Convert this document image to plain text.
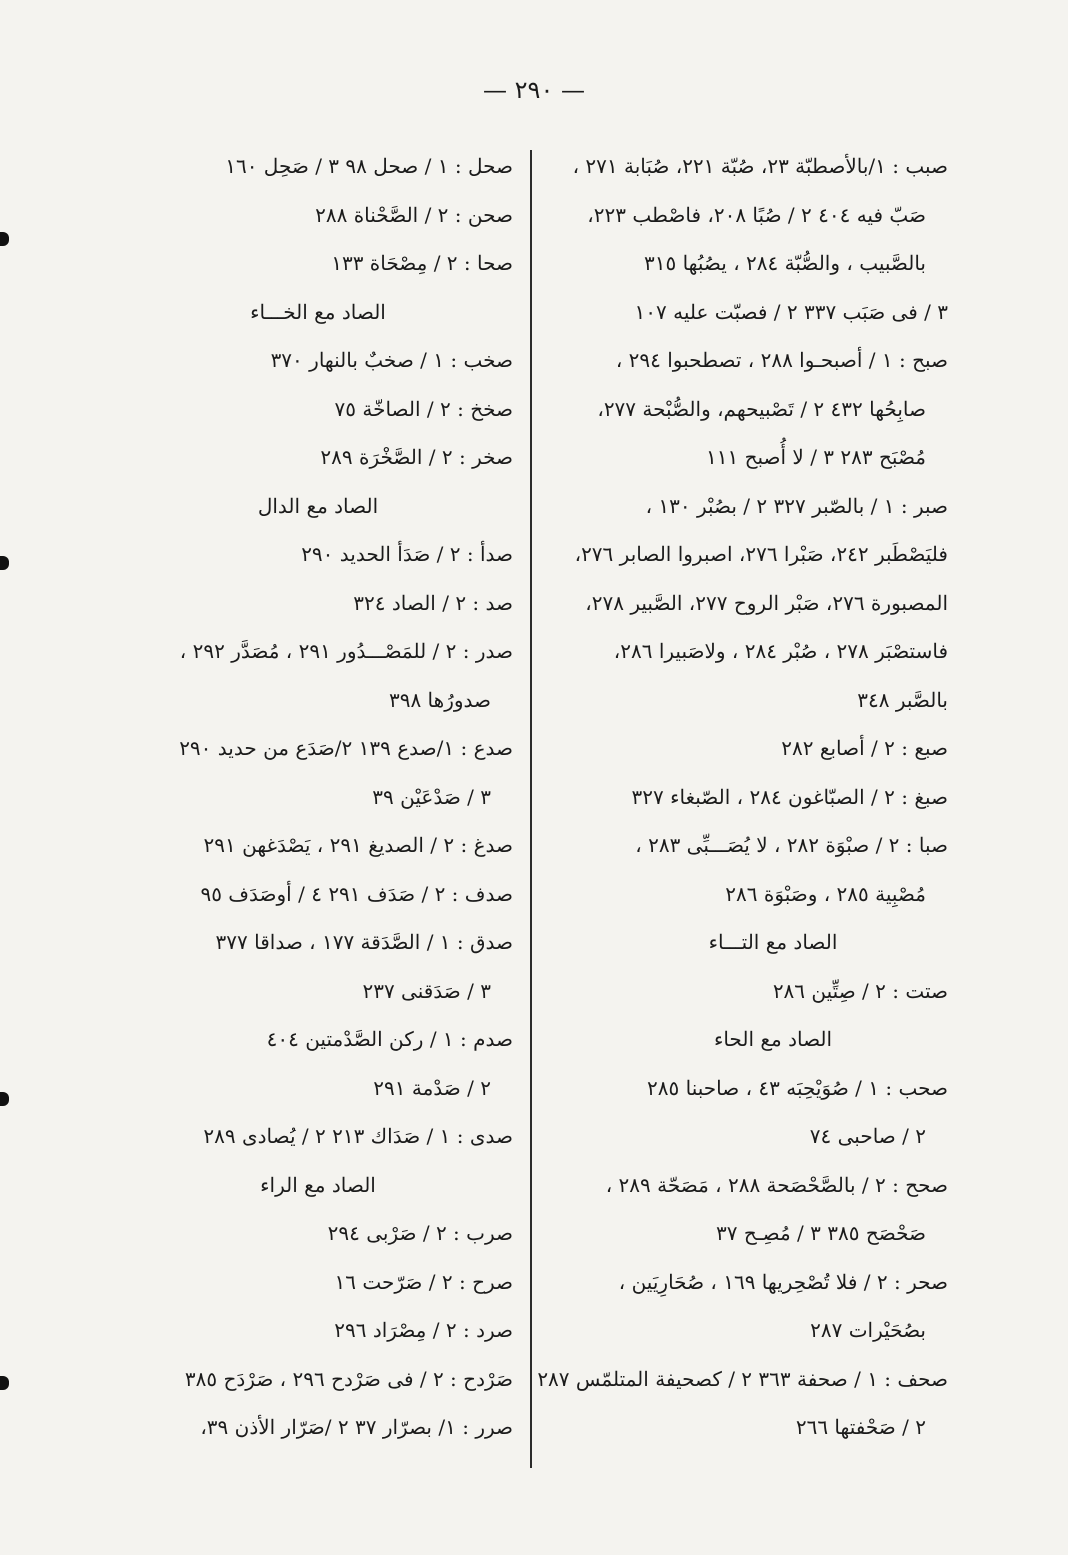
— ٢٩٠ —
صبب : ١/بالأصطبّة ٢٣، صُبّة ٢٢١، صُبَابة ٢٧١ ،
صَبّ فيه ٤٠٤ ٢ / صُبًا ٢٠٨، فاصْطب ٢٢٣،
بالصَّبيب ، والصُّبّة ٢٨٤ ، يصُبُها ٣١٥
٣ / فى صَبَب ٣٣٧ ٢ / فصبّت عليه ١٠٧
صبح : ١ / أصبحـوا ٢٨٨ ، تصطحبوا ٢٩٤ ،
صابِحُها ٤٣٢ ٢ / تَصْبيحهم، والصُّبْحة ٢٧٧،
مُصْبَح ٢٨٣ ٣ / لا أُصبح ١١١
صبر : ١ / بالصّبر ٣٢٧ ٢ / بصُبْر ١٣٠ ،
فليَصْطَبر ٢٤٢، صَبْرا ٢٧٦، اصبروا الصابر ٢٧٦،
المصبورة ٢٧٦، صَبْر الروح ٢٧٧، الصَّبير ٢٧٨،
فاستصْبَر ٢٧٨ ، صُبْر ٢٨٤ ، ولاصَبيرا ٢٨٦،
بالصَّبر ٣٤٨
صبع : ٢ / أصابع ٢٨٢
صبغ : ٢ / الصبّاغون ٢٨٤ ، الصّبغاء ٣٢٧
صبا : ٢ / صبْوَة ٢٨٢ ، لا يُصَـــبِّى ٢٨٣ ،
مُصْبِية ٢٨٥ ، وصَبْوَة ٢٨٦
الصاد مع التـــاء
صتت : ٢ / صِتِّين ٢٨٦
الصاد مع الحاء
صحب : ١ / صُوَيْحِبَه ٤٣ ، صاحبنا ٢٨٥
٢ / صاحبى ٧٤
صحح : ٢ / بالصَّحْصَحة ٢٨٨ ، مَصَحّة ٢٨٩ ،
صَحْصَح ٣٨٥ ٣ / مُصِـح ٣٧
صحر : ٢ / فلا تُصْحِريها ١٦٩ ، صُحَارِيَين ،
بصُحَيْرات ٢٨٧
صحف : ١ / صحفة ٣٦٣ ٢ / كصحيفة المتلمّس ٢٨٧
٢ / صَحْفتها ٢٦٦
صحل : ١ / صحل ٩٨ ٣ / صَحِل ١٦٠
صحن : ٢ / الصَّحْناة ٢٨٨
صحا : ٢ / مِصْحَاة ١٣٣
الصاد مع الخـــاء
صخب : ١ / صخبٌ بالنهار ٣٧٠
صخخ : ٢ / الصاخّة ٧٥
صخر : ٢ / الصَّخْرَة ٢٨٩
الصاد مع الدال
صدأ : ٢ / صَدَأ الحديد ٢٩٠
صد : ٢ / الصاد ٣٢٤
صدر : ٢ / للمَصْـــدُور ٢٩١ ، مُصَدَّر ٢٩٢ ،
صدورُها ٣٩٨
صدع : ١/صدع ١٣٩ ٢/صَدَع من حديد ٢٩٠
٣ / صَدْعَيْن ٣٩
صدغ : ٢ / الصديغ ٢٩١ ، يَصْدَغهن ٢٩١
صدف : ٢ / صَدَف ٢٩١ ٤ / أوصَدَف ٩٥
صدق : ١ / الصَّدَقة ١٧٧ ، صداقا ٣٧٧
٣ / صَدَقنى ٢٣٧
صدم : ١ / ركن الصَّدْمتين ٤٠٤
٢ / صَدْمة ٢٩١
صدى : ١ / صَدَاك ٢١٣ ٢ / يُصادى ٢٨٩
الصاد مع الراء
صرب : ٢ / صَرْبى ٢٩٤
صرح : ٢ / صَرّحت ١٦
صرد : ٢ / مِصْرَاد ٢٩٦
صَرْدح : ٢ / فى صَرْدح ٢٩٦ ، صَرْدَح ٣٨٥
صرر : ١/ بصرّار ٣٧ ٢ /صَرّار الأذن ٣٩،
